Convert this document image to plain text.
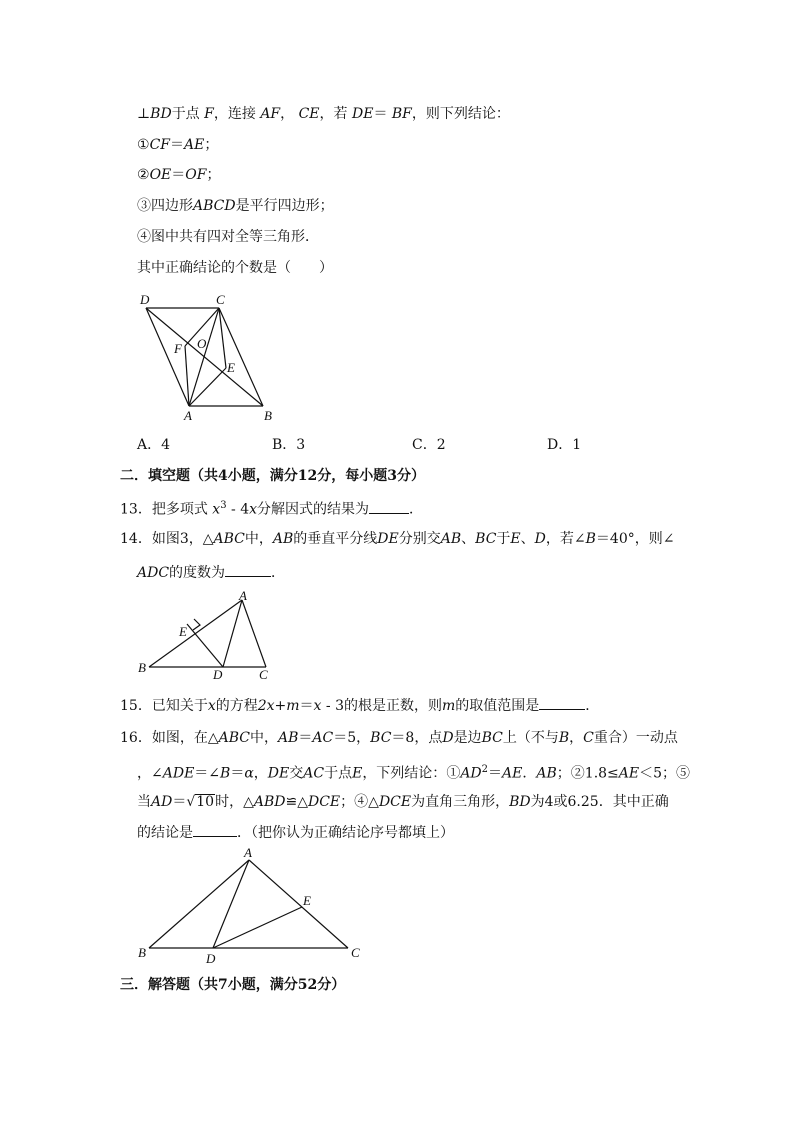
⊥BD于点 F，连接 AF， CE，若 DE＝ BF，则下列结论：
①CF＝AE；
②OE＝OF；
③四边形ABCD是平行四边形；
④图中共有四对全等三角形．
其中正确结论的个数是（　　）
D	C
F O
E
A	B
A．4	B．3	C．2	D．1
二．填空题（共4小题，满分12分，每小题3分）
13．把多项式 $x^3 - 4x$分解因式的结果为	．
14．如图3，△ABC中，AB的垂直平分线DE分别交AB、BC于E、D，若∠B＝40°，则∠
ADC的度数为	．
E
A
B	D	C
15．已知关于x的方程2x+m＝x - 3的根是正数，则m的取值范围是	．
16．如图，在△ABC中，AB＝AC＝5，BC＝8，点D是边BC上（不与B，C重合）一动点
，∠ADE＝∠B＝α，DE交AC于点E，下列结论：$①AD^2=AE$．AB；②1.8≤AE＜5；⑤
当AD＝√10时，△ABD≌△DCE；④△DCE为直角三角形，BD为4或6.25．其中正确
的结论是	．（把你认为正确结论序号都填上）
A
E
B	D	C
三．解答题（共7小题，满分52分）
